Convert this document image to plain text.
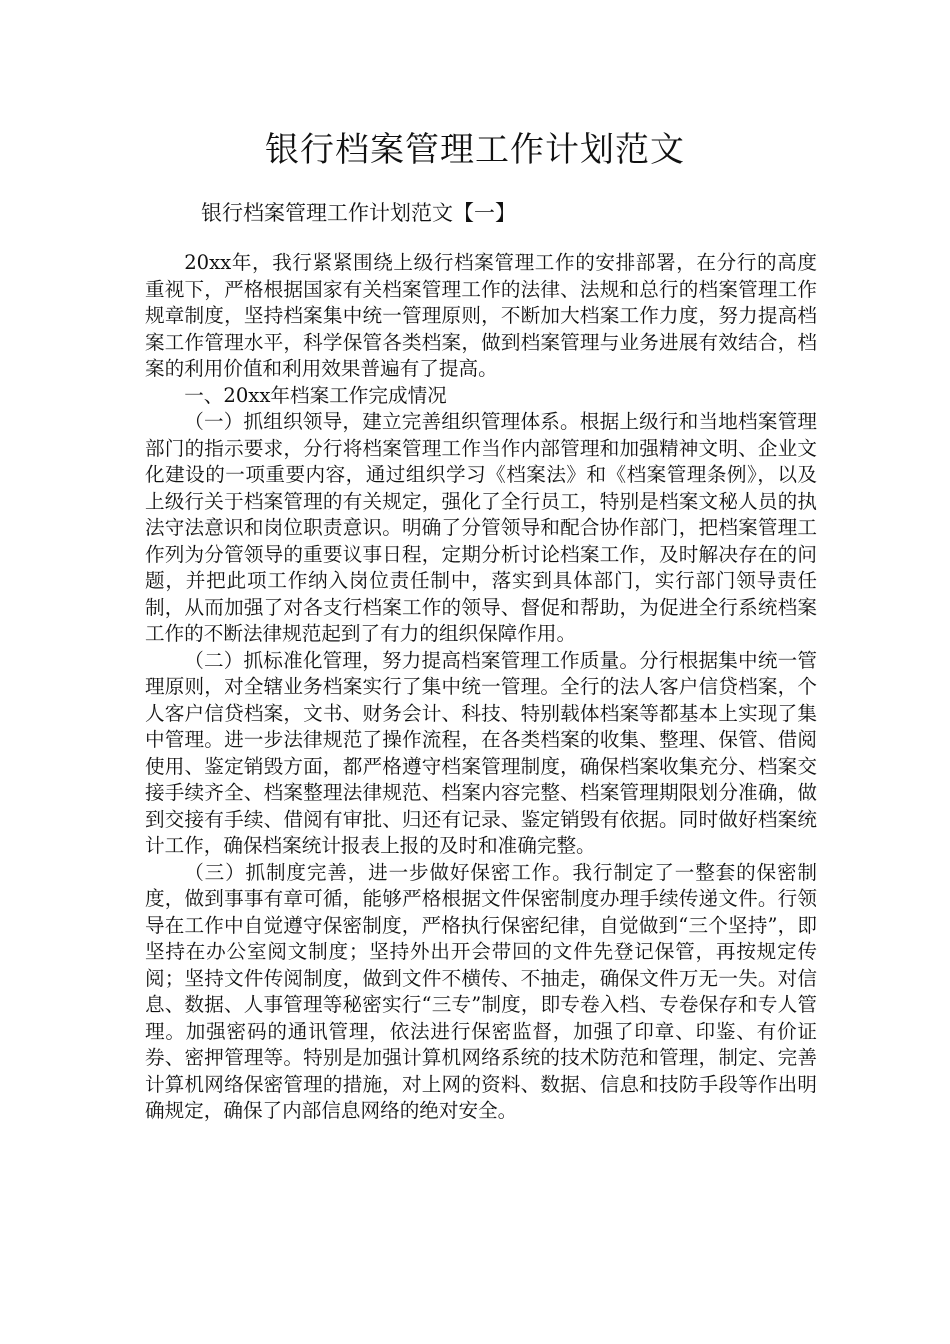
银行档案管理工作计划范文
银行档案管理工作计划范文【一】

20xx年，我行紧紧围绕上级行档案管理工作的安排部署，在分行的高度重视下，严格根据国家有关档案管理工作的法律、法规和总行的档案管理工作规章制度，坚持档案集中统一管理原则，不断加大档案工作力度，努力提高档案工作管理水平，科学保管各类档案，做到档案管理与业务进展有效结合，档案的利用价值和利用效果普遍有了提高。

一、20xx年档案工作完成情况

（一）抓组织领导，建立完善组织管理体系。根据上级行和当地档案管理部门的指示要求，分行将档案管理工作当作内部管理和加强精神文明、企业文化建设的一项重要内容，通过组织学习《档案法》和《档案管理条例》，以及上级行关于档案管理的有关规定，强化了全行员工，特别是档案文秘人员的执法守法意识和岗位职责意识。明确了分管领导和配合协作部门，把档案管理工作列为分管领导的重要议事日程，定期分析讨论档案工作，及时解决存在的问题，并把此项工作纳入岗位责任制中，落实到具体部门，实行部门领导责任制，从而加强了对各支行档案工作的领导、督促和帮助，为促进全行系统档案工作的不断法律规范起到了有力的组织保障作用。

（二）抓标准化管理，努力提高档案管理工作质量。分行根据集中统一管理原则，对全辖业务档案实行了集中统一管理。全行的法人客户信贷档案，个人客户信贷档案，文书、财务会计、科技、特别载体档案等都基本上实现了集中管理。进一步法律规范了操作流程，在各类档案的收集、整理、保管、借阅使用、鉴定销毁方面，都严格遵守档案管理制度，确保档案收集充分、档案交接手续齐全、档案整理法律规范、档案内容完整、档案管理期限划分准确，做到交接有手续、借阅有审批、归还有记录、鉴定销毁有依据。同时做好档案统计工作，确保档案统计报表上报的及时和准确完整。

（三）抓制度完善，进一步做好保密工作。我行制定了一整套的保密制度，做到事事有章可循，能够严格根据文件保密制度办理手续传递文件。行领导在工作中自觉遵守保密制度，严格执行保密纪律，自觉做到“三个坚持”，即坚持在办公室阅文制度；坚持外出开会带回的文件先登记保管，再按规定传阅；坚持文件传阅制度，做到文件不横传、不抽走，确保文件万无一失。对信息、数据、人事管理等秘密实行“三专”制度，即专卷入档、专卷保存和专人管理。加强密码的通讯管理，依法进行保密监督，加强了印章、印鉴、有价证券、密押管理等。特别是加强计算机网络系统的技术防范和管理，制定、完善计算机网络保密管理的措施，对上网的资料、数据、信息和技防手段等作出明确规定，确保了内部信息网络的绝对安全。
